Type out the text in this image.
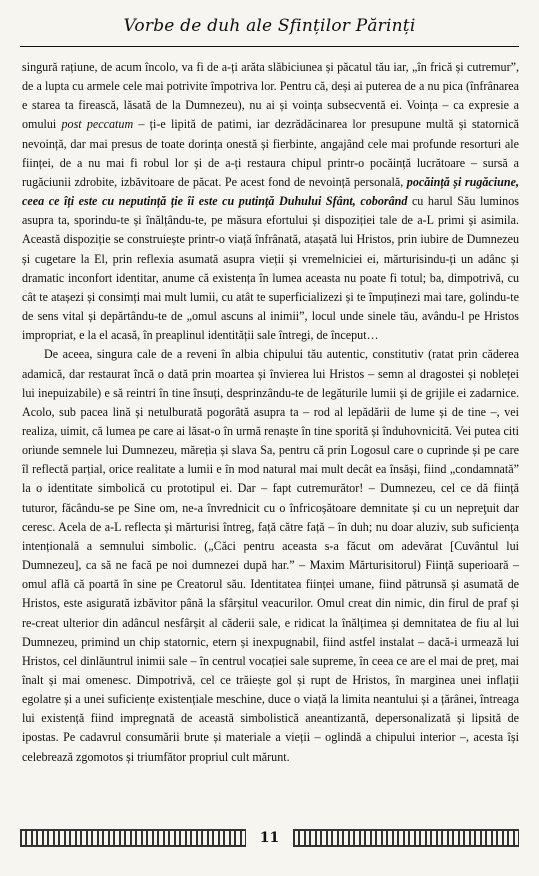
Vorbe de duh ale Sfinților Părinți

singură rațiune, de acum încolo, va fi de a-ți arăta slăbiciunea și păcatul tău iar, „în frică și cutremur”, de a lupta cu armele cele mai potrivite împotriva lor. Pentru că, deși ai puterea de a nu pica (înfrânarea e starea ta firească, lăsată de la Dumnezeu), nu ai și voința subsecventă ei. Voința – ca expresie a omului post peccatum – ți-e lipită de patimi, iar dezrădăcinarea lor presupune multă și statornică nevoință, dar mai presus de toate dorința onestă și fierbinte, angajând cele mai profunde resorturi ale ființei, de a nu mai fi robul lor și de a-ți restaura chipul printr-o pocăință lucrătoare – sursă a rugăciunii zdrobite, izbăvitoare de păcat. Pe acest fond de nevoință personală, pocăință și rugăciune, ceea ce îți este cu neputință ție îi este cu putință Duhului Sfânt, coborând cu harul Său luminos asupra ta, sporindu-te și înălțându-te, pe măsura efortului și dispoziției tale de a-L primi și asimila. Această dispoziție se construiește printr-o viață înfrânată, atașată lui Hristos, prin iubire de Dumnezeu și cugetare la El, prin reflexia asumată asupra vieții și vremelniciei ei, mărturisindu-ți un adânc și dramatic inconfort identitar, anume că existența în lumea aceasta nu poate fi totul; ba, dimpotrivă, cu cât te atașezi și consimți mai mult lumii, cu atât te superficializezi și te împuținezi mai tare, golindu-te de sens vital și depărtându-te de „omul ascuns al inimii”, locul unde sinele tău, avându-l pe Hristos impropriat, e la el acasă, în preaplinul identității sale întregi, de început…

De aceea, singura cale de a reveni în albia chipului tău autentic, constitutiv (ratat prin căderea adamică, dar restaurat încă o dată prin moartea și învierea lui Hristos – semn al dragostei și nobleței lui inepuizabile) e să reintri în tine însuți, desprinzându-te de legăturile lumii și de grijile ei zadarnice. Acolo, sub pacea lină și netulburată pogorâtă asupra ta – rod al lepădării de lume și de tine –, vei realiza, uimit, că lumea pe care ai lăsat-o în urmă renaște în tine sporită și înduhovnicită. Vei putea citi oriunde semnele lui Dumnezeu, măreția și slava Sa, pentru că prin Logosul care o cuprinde și pe care îl reflectă parțial, orice realitate a lumii e în mod natural mai mult decât ea însăși, fiind „condamnată” la o identitate simbolică cu prototipul ei. Dar – fapt cutremurător! – Dumnezeu, cel ce dă ființă tuturor, făcându-se pe Sine om, ne-a învrednicit cu o înfricoșătoare demnitate și cu un nepreţuit dar ceresc. Acela de a-L reflecta și mărturisi întreg, față către față – în duh; nu doar aluziv, sub suficiența intențională a semnului simbolic. („Căci pentru aceasta s-a făcut om adevărat [Cuvântul lui Dumnezeu], ca să ne facă pe noi dumnezei după har.” – Maxim Mărturisitorul) Ființă superioară – omul află că poartă în sine pe Creatorul său. Identitatea ființei umane, fiind pătrunsă și asumată de Hristos, este asigurată izbăvitor până la sfârșitul veacurilor. Omul creat din nimic, din firul de praf și re-creat ulterior din adâncul nesfârșit al căderii sale, e ridicat la înălțimea și demnitatea de fiu al lui Dumnezeu, primind un chip statornic, etern și inexpugnabil, fiind astfel instalat – dacă-i urmează lui Hristos, cel dinlăuntrul inimii sale – în centrul vocației sale supreme, în ceea ce are el mai de preț, mai înalt și mai omenesc. Dimpotrivă, cel ce trăiește gol și rupt de Hristos, în marginea unei inflații egolatre și a unei suficiențe existențiale meschine, duce o viață la limita neantului și a țărânei, întreaga lui existență fiind impregnată de această simbolistică aneantizantă, depersonalizată și lipsită de ipostas. Pe cadavrul consumării brute și materiale a vieții – oglindă a chipului interior –, acesta își celebrează zgomotos și triumfător propriul cult mărunt.

11
